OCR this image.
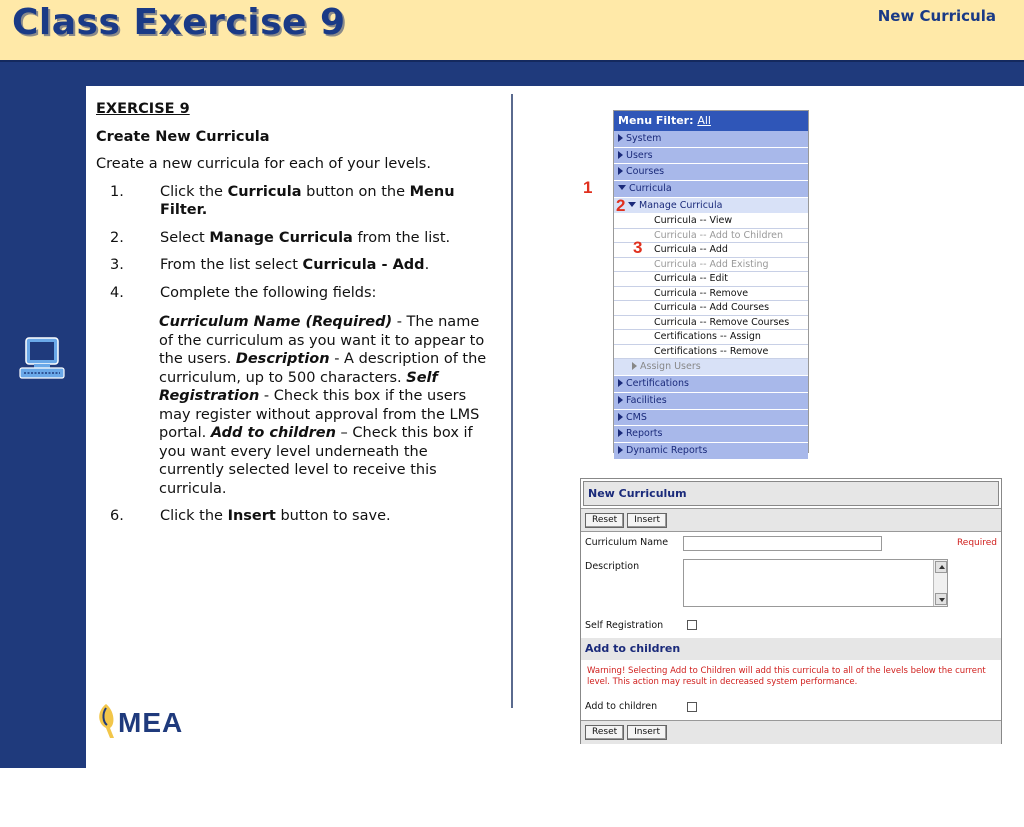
Class Exercise 9	New Curricula
41
MEA
EXERCISE 9
Create New Curricula
Create a new curricula for each of your levels.
1. Click the Curricula button on the Menu Filter.
2. Select Manage Curricula from the list.
3. From the list select Curricula - Add.
4. Complete the following fields:
Curriculum Name (Required) - The name of the curriculum as you want it to appear to the users. Description - A description of the curriculum, up to 500 characters. Self Registration - Check this box if the users may register without approval from the LMS portal. Add to children – Check this box if you want every level underneath the currently selected level to receive this curricula.
6. Click the Insert button to save.
Menu Filter: All
System
Users
Courses
Curricula
Manage Curricula
Curricula -- View
Curricula -- Add to Children
Curricula -- Add
Curricula -- Add Existing
Curricula -- Edit
Curricula -- Remove
Curricula -- Add Courses
Curricula -- Remove Courses
Certifications -- Assign
Certifications -- Remove
Assign Users
Certifications
Facilities
CMS
Reports
Dynamic Reports
1
2
3
New Curriculum
Reset Insert
Curriculum Name	Required
Description
Self Registration
Add to children
Warning! Selecting Add to Children will add this curricula to all of the levels below the current level. This action may result in decreased system performance.
Add to children
Reset Insert
